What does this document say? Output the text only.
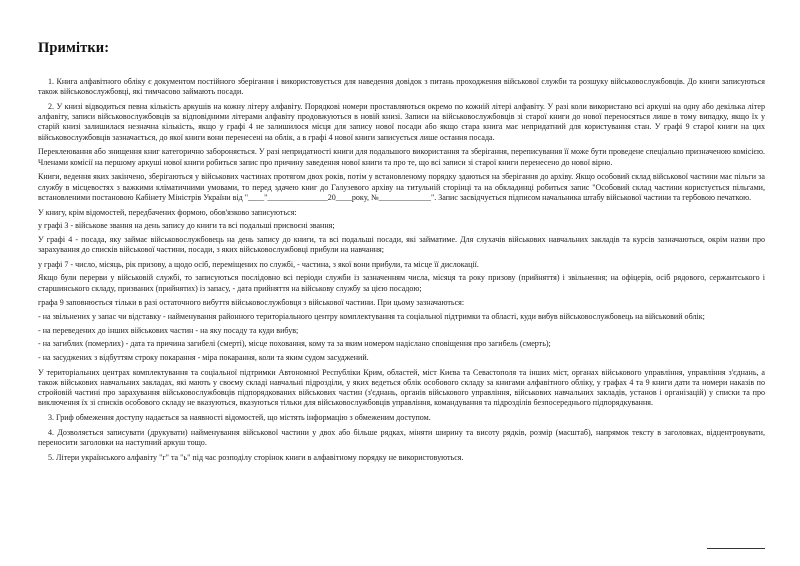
Примітки:

1. Книга алфавітного обліку є документом постійного зберігання і використовується для наведення довідок з питань проходження військової служби та розшуку військовослужбовців. До книги записуються також військовослужбовці, які тимчасово займають посади.

2. У книзі відводиться певна кількість аркушів на кожну літеру алфавіту. Порядкові номери проставляються окремо по кожній літері алфавіту. У разі коли використано всі аркуші на одну або декілька літер алфавіту, записи військовослужбовців за відповідними літерами алфавіту продовжуються в новій книзі. Записи на військовослужбовців зі старої книги до нової переносяться лише в тому випадку, якщо їх у старій книзі залишилася незначна кількість, якщо у графі 4 не залишилося місця для запису нової посади або якщо стара книга має непридатний для користування стан. У графі 9 старої книги на цих військовослужбовців зазначається, до якої книги вони перенесені на облік, а в графі 4 нової книги записується лише остання посада.

Переклеювання або знищення книг категорично забороняється. У разі непридатності книги для подальшого використання та зберігання, переписування її може бути проведене спеціально призначеною комісією. Членами комісії на першому аркуші нової книги робиться запис про причину заведення нової книги та про те, що всі записи зі старої книги перенесено до нової вірно.

Книги, ведення яких закінчено, зберігаються у військових частинах протягом двох років, потім у встановленому порядку здаються на зберігання до архіву. Якщо особовий склад військової частини має пільги за службу в місцевостях з важкими кліматичними умовами, то перед здачею книг до Галузевого архіву на титульній сторінці та на обкладинці робиться запис "Особовий склад частини користується пільгами, встановленими постановою Кабінету Міністрів України від "____"_______________20____року, №_____________". Запис засвідчується підписом начальника штабу військової частини та гербовою печаткою.

У книгу, крім відомостей, передбачених формою, обов'язково записуються:

у графі 3 - військове звання на день запису до книги та всі подальші присвоєні звання;

У графі 4 - посада, яку займає військовослужбовець на день запису до книги, та всі подальші посади, які займатиме. Для слухачів військових навчальних закладів та курсів зазначаються, окрім назви про зарахування до списків військової частини, посади, з яких військовослужбовці прибули на навчання;

у графі 7 - число, місяць, рік призову, а щодо осіб, переміщених по службі, - частина, з якої вони прибули, та місце її дислокації.

Якщо були перерви у військовій службі, то записуються послідовно всі періоди служби із зазначенням числа, місяця та року призову (прийняття) і звільнення; на офіцерів, осіб рядового, сержантського і старшинського складу, призваних (прийнятих) із запасу, - дата прийняття на військову службу за цією посадою;

графа 9 заповнюється тільки в разі остаточного вибуття військовослужбовця з військової частини. При цьому зазначаються:

- на звільнених у запас чи відставку - найменування районного територіального центру комплектування та соціальної підтримки та області, куди вибув військовослужбовець на військовий облік;

- на переведених до інших військових частин - на яку посаду та куди вибув;

- на загиблих (померлих) - дата та причина загибелі (смерті), місце поховання, кому та за яким номером надіслано сповіщення про загибель (смерть);

- на засуджених з відбуттям строку покарання - міра покарання, коли та яким судом засуджений.

У територіальних центрах комплектування та соціальної підтримки Автономної Республіки Крим, областей, міст Києва та Севастополя та інших міст, органах військового управління, управління з'єднань, а також військових навчальних закладах, які мають у своєму складі навчальні підрозділи, у яких ведеться облік особового складу за книгами алфавітного обліку, у графах 4 та 9 книги дати та номери наказів по стройовій частині про зарахування військовослужбовців підпорядкованих військових частин (з'єднань, органів військового управління, військових навчальних закладів, установ і організацій) у списки та про виключення їх зі списків особового складу не вказуються, вказуються тільки для військовослужбовців управління, командування та підрозділів безпосереднього підпорядкування.

3. Гриф обмеження доступу надається за наявності відомостей, що містять інформацію з обмеженим доступом.

4. Дозволяється записувати (друкувати) найменування військової частини у двох або більше рядках, міняти ширину та висоту рядків, розмір (масштаб), напрямок тексту в заголовках, відцентровувати, переносити заголовки на наступний аркуш тощо.

5. Літери українського алфавіту "г" та "ь" під час розподілу сторінок книги в алфавітному порядку не використовуються.
